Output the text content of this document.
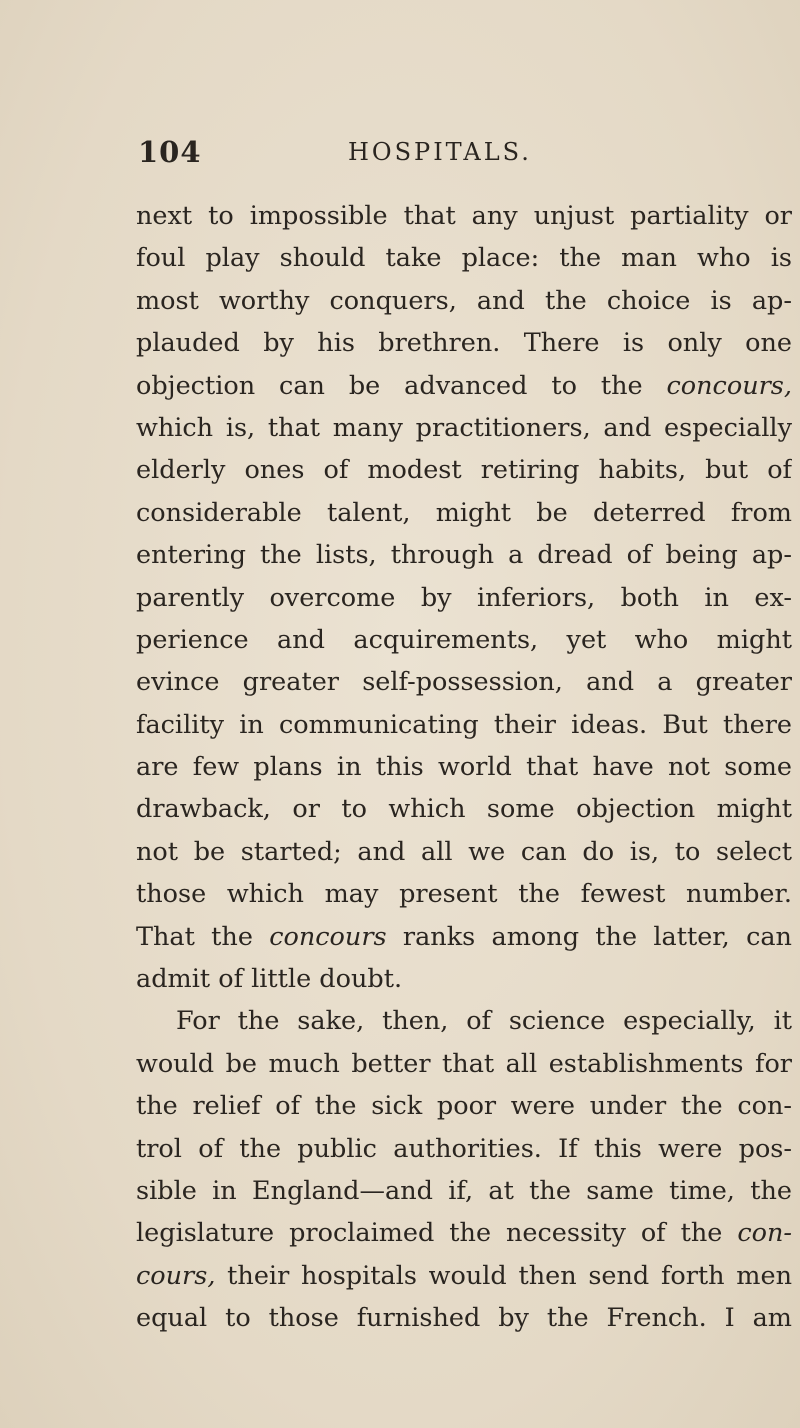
104	HOSPITALS.
next to impossible that any unjust partiality or
foul play should take place: the man who is
most worthy conquers, and the choice is ap-
plauded by his brethren. There is only one
objection can be advanced to the concours,
which is, that many practitioners, and especially
elderly ones of modest retiring habits, but of
considerable talent, might be deterred from
entering the lists, through a dread of being ap-
parently overcome by inferiors, both in ex-
perience and acquirements, yet who might
evince greater self-possession, and a greater
facility in communicating their ideas. But there
are few plans in this world that have not some
drawback, or to which some objection might
not be started; and all we can do is, to select
those which may present the fewest number.
That the concours ranks among the latter, can
admit of little doubt.
For the sake, then, of science especially, it
would be much better that all establishments for
the relief of the sick poor were under the con-
trol of the public authorities. If this were pos-
sible in England—and if, at the same time, the
legislature proclaimed the necessity of the con-
cours, their hospitals would then send forth men
equal to those furnished by the French. I am
